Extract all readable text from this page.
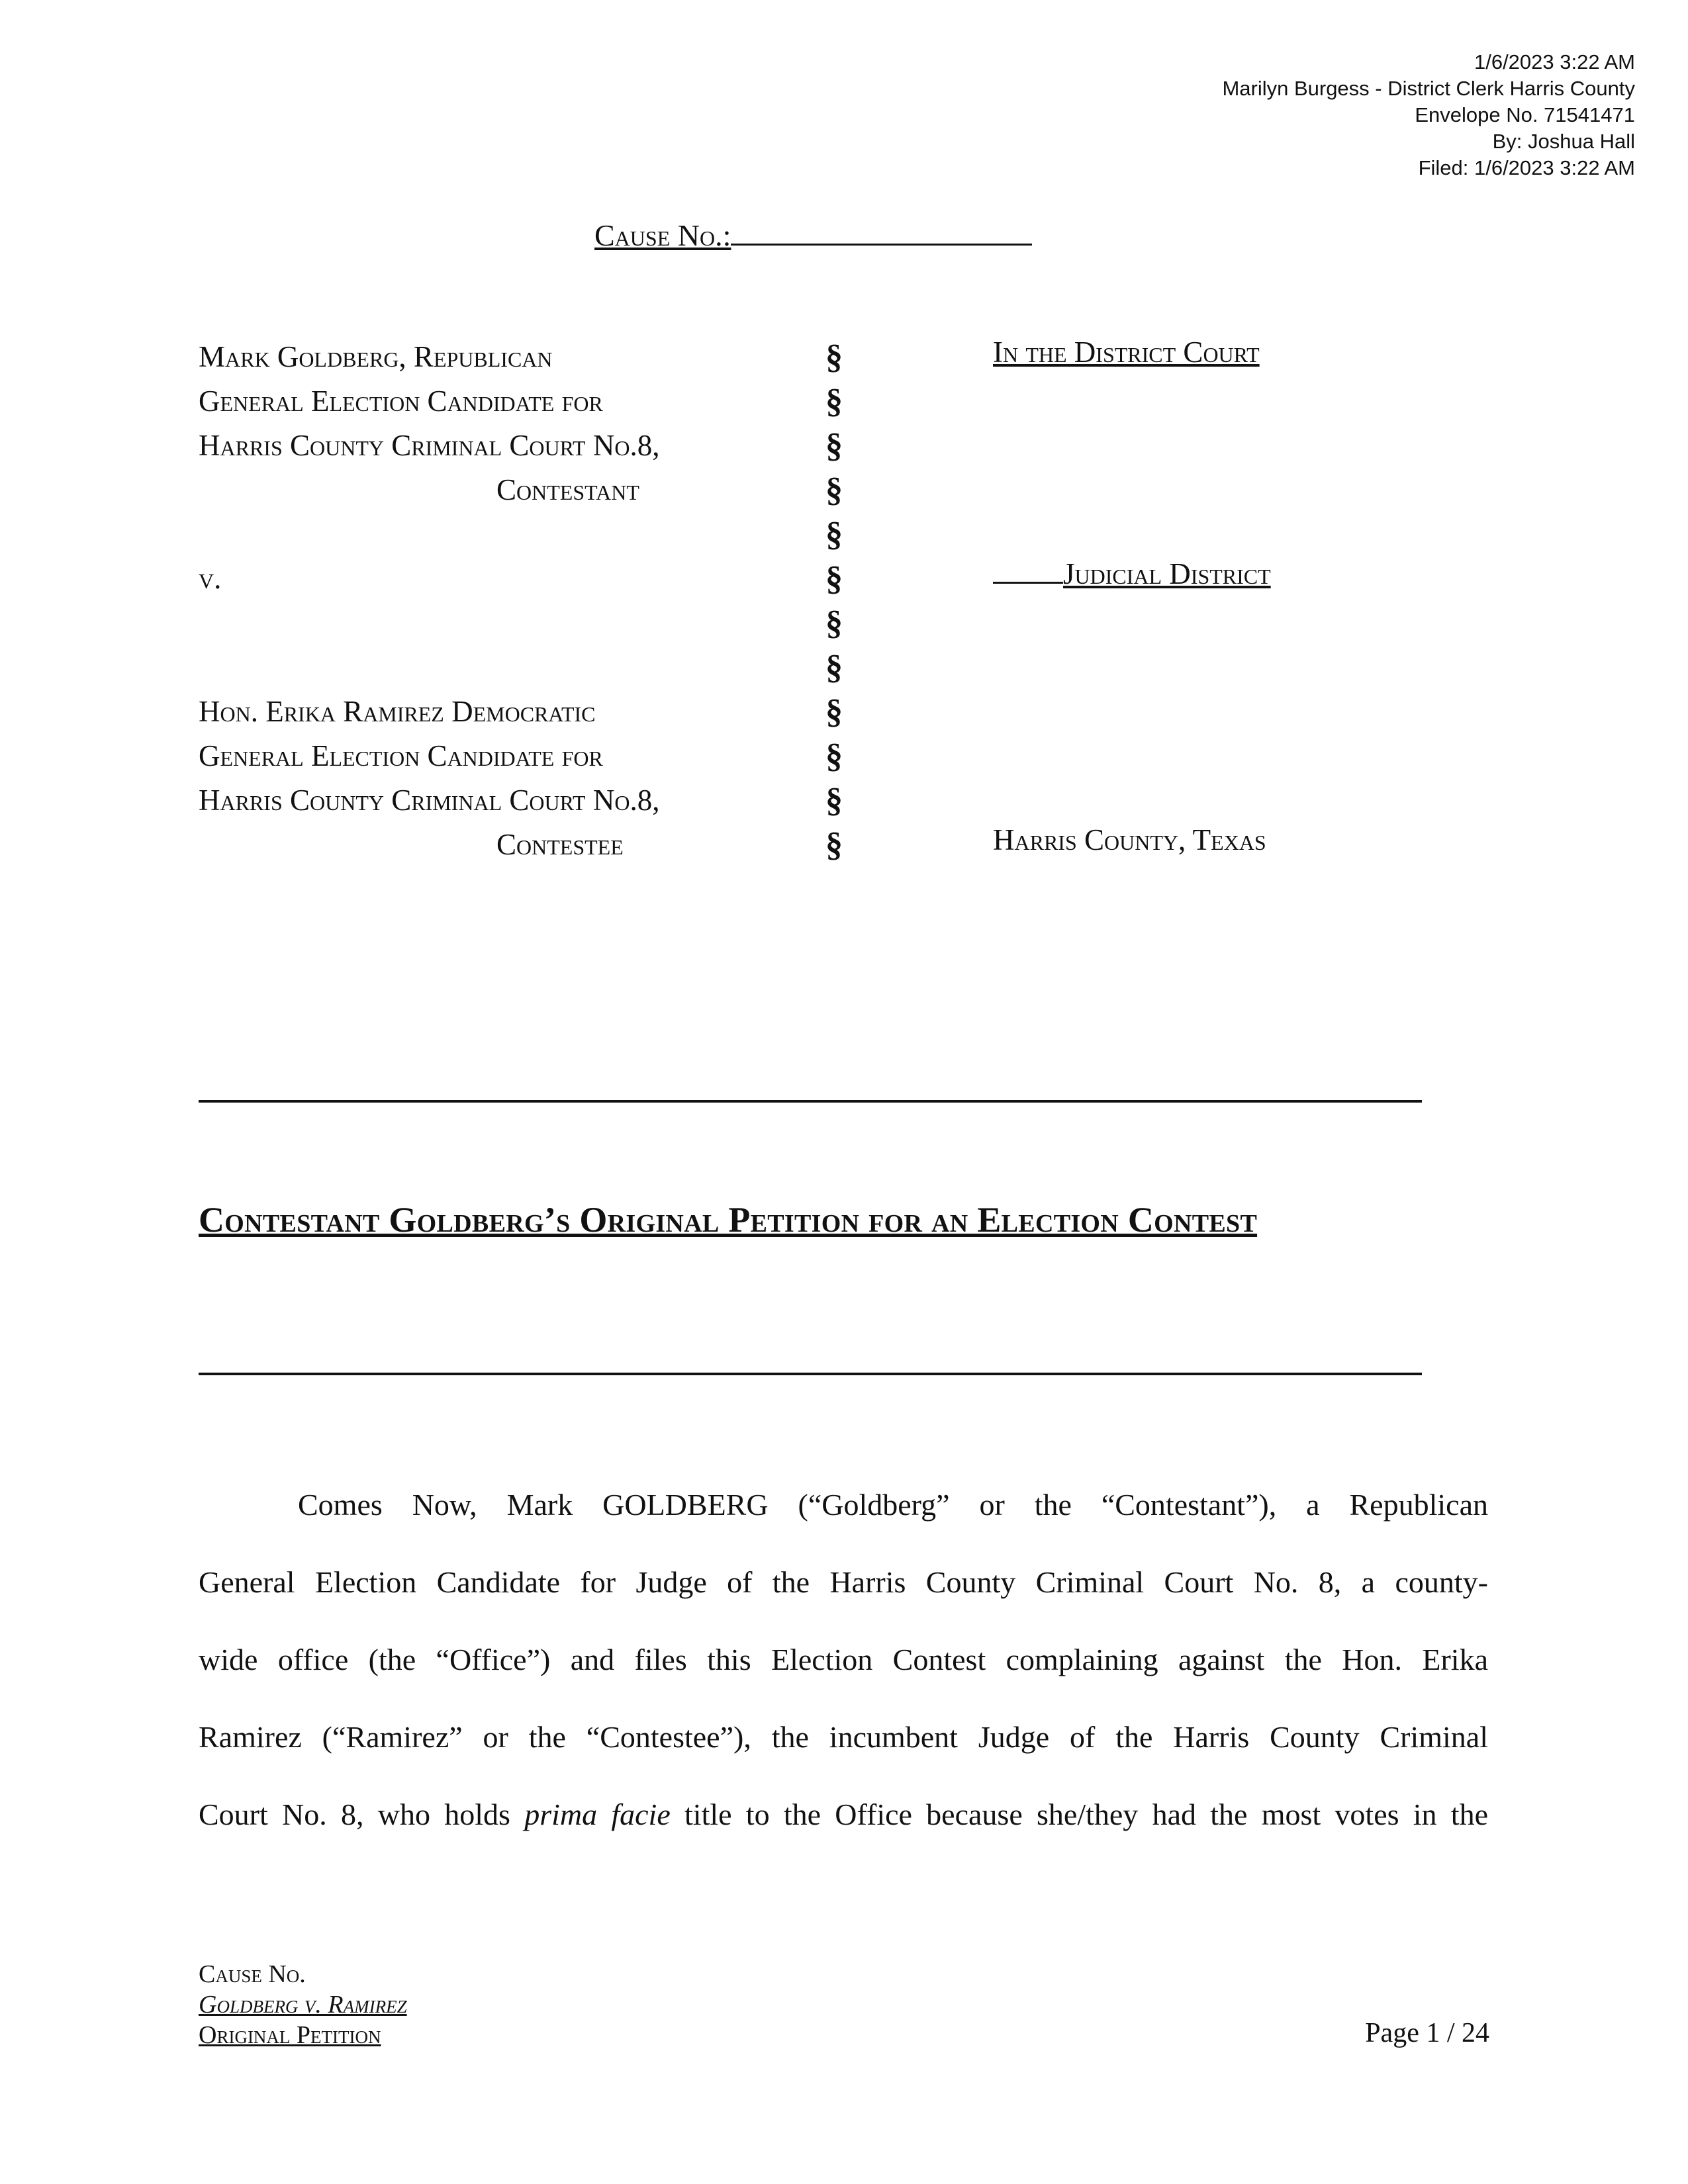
1/6/2023 3:22 AM
Marilyn Burgess - District Clerk Harris County
Envelope No. 71541471
By: Joshua Hall
Filed: 1/6/2023 3:22 AM
Cause No.:
Mark Goldberg, Republican
General Election Candidate for
Harris County Criminal Court No.8,
Contestant
v.
Hon. Erika Ramirez Democratic
General Election Candidate for
Harris County Criminal Court No.8,
Contestee
§
§
§
§
§
§
§
§
§
§
§
§
In the District Court
Judicial District
Harris County, Texas
Contestant Goldberg’s Original Petition for an Election Contest
Comes Now, Mark GOLDBERG (“Goldberg” or the “Contestant”), a Republican
General Election Candidate for Judge of the Harris County Criminal Court No. 8, a county-
wide office (the “Office”) and files this Election Contest complaining against the Hon. Erika
Ramirez (“Ramirez” or the “Contestee”), the incumbent Judge of the Harris County Criminal
Court No. 8, who holds prima facie title to the Office because she/they had the most votes in the
Cause No.
Goldberg v. Ramirez
Original Petition	Page 1 / 24
